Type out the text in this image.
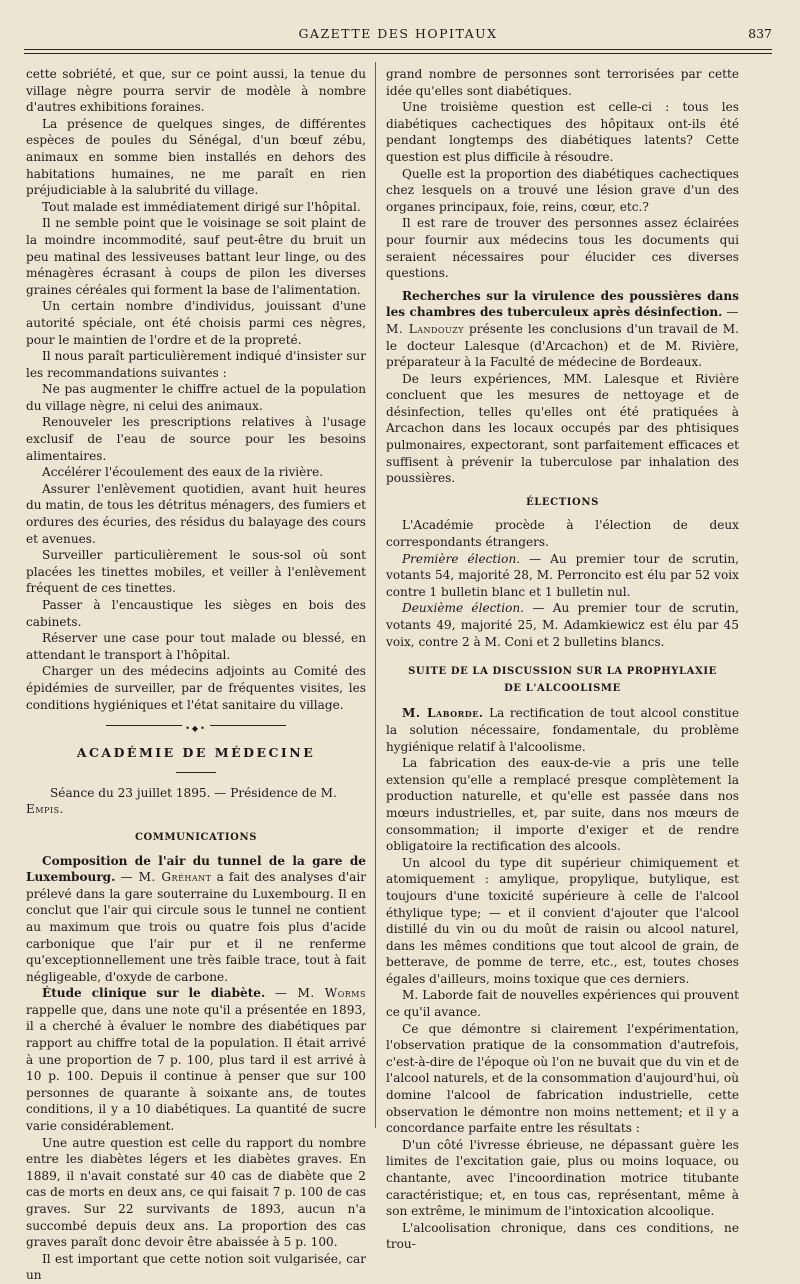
GAZETTE DES HOPITAUX	837

cette sobriété, et que, sur ce point aussi, la tenue du village nègre pourra servir de modèle à nombre d'autres exhibitions foraines.

La présence de quelques singes, de différentes espèces de poules du Sénégal, d'un bœuf zébu, animaux en somme bien installés en dehors des habitations humaines, ne me paraît en rien préjudiciable à la salubrité du village.

Tout malade est immédiatement dirigé sur l'hôpital.

Il ne semble point que le voisinage se soit plaint de la moindre incommodité, sauf peut-être du bruit un peu matinal des lessiveuses battant leur linge, ou des ménagères écrasant à coups de pilon les diverses graines céréales qui forment la base de l'alimentation.

Un certain nombre d'individus, jouissant d'une autorité spéciale, ont été choisis parmi ces nègres, pour le maintien de l'ordre et de la propreté.

Il nous paraît particulièrement indiqué d'insister sur les recommandations suivantes :

Ne pas augmenter le chiffre actuel de la population du village nègre, ni celui des animaux.

Renouveler les prescriptions relatives à l'usage exclusif de l'eau de source pour les besoins alimentaires.

Accélérer l'écoulement des eaux de la rivière.

Assurer l'enlèvement quotidien, avant huit heures du matin, de tous les détritus ménagers, des fumiers et ordures des écuries, des résidus du balayage des cours et avenues.

Surveiller particulièrement le sous-sol où sont placées les tinettes mobiles, et veiller à l'enlèvement fréquent de ces tinettes.

Passer à l'encaustique les sièges en bois des cabinets.

Réserver une case pour tout malade ou blessé, en attendant le transport à l'hôpital.

Charger un des médecins adjoints au Comité des épidémies de surveiller, par de fréquentes visites, les conditions hygiéniques et l'état sanitaire du village.

•◆•
ACADÉMIE DE MÉDECINE

Séance du 23 juillet 1895. — Présidence de M. Empis.

COMMUNICATIONS

Composition de l'air du tunnel de la gare de Luxembourg. — M. Gréhant a fait des analyses d'air prélevé dans la gare souterraine du Luxembourg. Il en conclut que l'air qui circule sous le tunnel ne contient au maximum que trois ou quatre fois plus d'acide carbonique que l'air pur et il ne renferme qu'exceptionnellement une très faible trace, tout à fait négligeable, d'oxyde de carbone.

Étude clinique sur le diabète. — M. Worms rappelle que, dans une note qu'il a présentée en 1893, il a cherché à évaluer le nombre des diabétiques par rapport au chiffre total de la population. Il était arrivé à une proportion de 7 p. 100, plus tard il est arrivé à 10 p. 100. Depuis il continue à penser que sur 100 personnes de quarante à soixante ans, de toutes conditions, il y a 10 diabétiques. La quantité de sucre varie considérablement.

Une autre question est celle du rapport du nombre entre les diabètes légers et les diabètes graves. En 1889, il n'avait constaté sur 40 cas de diabète que 2 cas de morts en deux ans, ce qui faisait 7 p. 100 de cas graves. Sur 22 survivants de 1893, aucun n'a succombé depuis deux ans. La proportion des cas graves paraît donc devoir être abaissée à 5 p. 100.

Il est important que cette notion soit vulgarisée, car un

grand nombre de personnes sont terrorisées par cette idée qu'elles sont diabétiques.

Une troisième question est celle-ci : tous les diabétiques cachectiques des hôpitaux ont-ils été pendant longtemps des diabétiques latents? Cette question est plus difficile à résoudre.

Quelle est la proportion des diabétiques cachectiques chez lesquels on a trouvé une lésion grave d'un des organes principaux, foie, reins, cœur, etc.?

Il est rare de trouver des personnes assez éclairées pour fournir aux médecins tous les documents qui seraient nécessaires pour élucider ces diverses questions.

Recherches sur la virulence des poussières dans les chambres des tuberculeux après désinfection. — M. Landouzy présente les conclusions d'un travail de M. le docteur Lalesque (d'Arcachon) et de M. Rivière, préparateur à la Faculté de médecine de Bordeaux.

De leurs expériences, MM. Lalesque et Rivière concluent que les mesures de nettoyage et de désinfection, telles qu'elles ont été pratiquées à Arcachon dans les locaux occupés par des phtisiques pulmonaires, expectorant, sont parfaitement efficaces et suffisent à prévenir la tuberculose par inhalation des poussières.

ÉLECTIONS

L'Académie procède à l'élection de deux correspondants étrangers.

Première élection. — Au premier tour de scrutin, votants 54, majorité 28, M. Perroncito est élu par 52 voix contre 1 bulletin blanc et 1 bulletin nul.

Deuxième élection. — Au premier tour de scrutin, votants 49, majorité 25, M. Adamkiewicz est élu par 45 voix, contre 2 à M. Coni et 2 bulletins blancs.

SUITE DE LA DISCUSSION SUR LA PROPHYLAXIE
DE L'ALCOOLISME

M. Laborde. La rectification de tout alcool constitue la solution nécessaire, fondamentale, du problème hygiénique relatif à l'alcoolisme.

La fabrication des eaux-de-vie a pris une telle extension qu'elle a remplacé presque complètement la production naturelle, et qu'elle est passée dans nos mœurs industrielles, et, par suite, dans nos mœurs de consommation; il importe d'exiger et de rendre obligatoire la rectification des alcools.

Un alcool du type dit supérieur chimiquement et atomiquement : amylique, propylique, butylique, est toujours d'une toxicité supérieure à celle de l'alcool éthylique type; — et il convient d'ajouter que l'alcool distillé du vin ou du moût de raisin ou alcool naturel, dans les mêmes conditions que tout alcool de grain, de betterave, de pomme de terre, etc., est, toutes choses égales d'ailleurs, moins toxique que ces derniers.

M. Laborde fait de nouvelles expériences qui prouvent ce qu'il avance.

Ce que démontre si clairement l'expérimentation, l'observation pratique de la consommation d'autrefois, c'est-à-dire de l'époque où l'on ne buvait que du vin et de l'alcool naturels, et de la consommation d'aujourd'hui, où domine l'alcool de fabrication industrielle, cette observation le démontre non moins nettement; et il y a concordance parfaite entre les résultats :

D'un côté l'ivresse ébrieuse, ne dépassant guère les limites de l'excitation gaie, plus ou moins loquace, ou chantante, avec l'incoordination motrice titubante caractéristique; et, en tous cas, représentant, même à son extrême, le minimum de l'intoxication alcoolique.

L'alcoolisation chronique, dans ces conditions, ne trou-
